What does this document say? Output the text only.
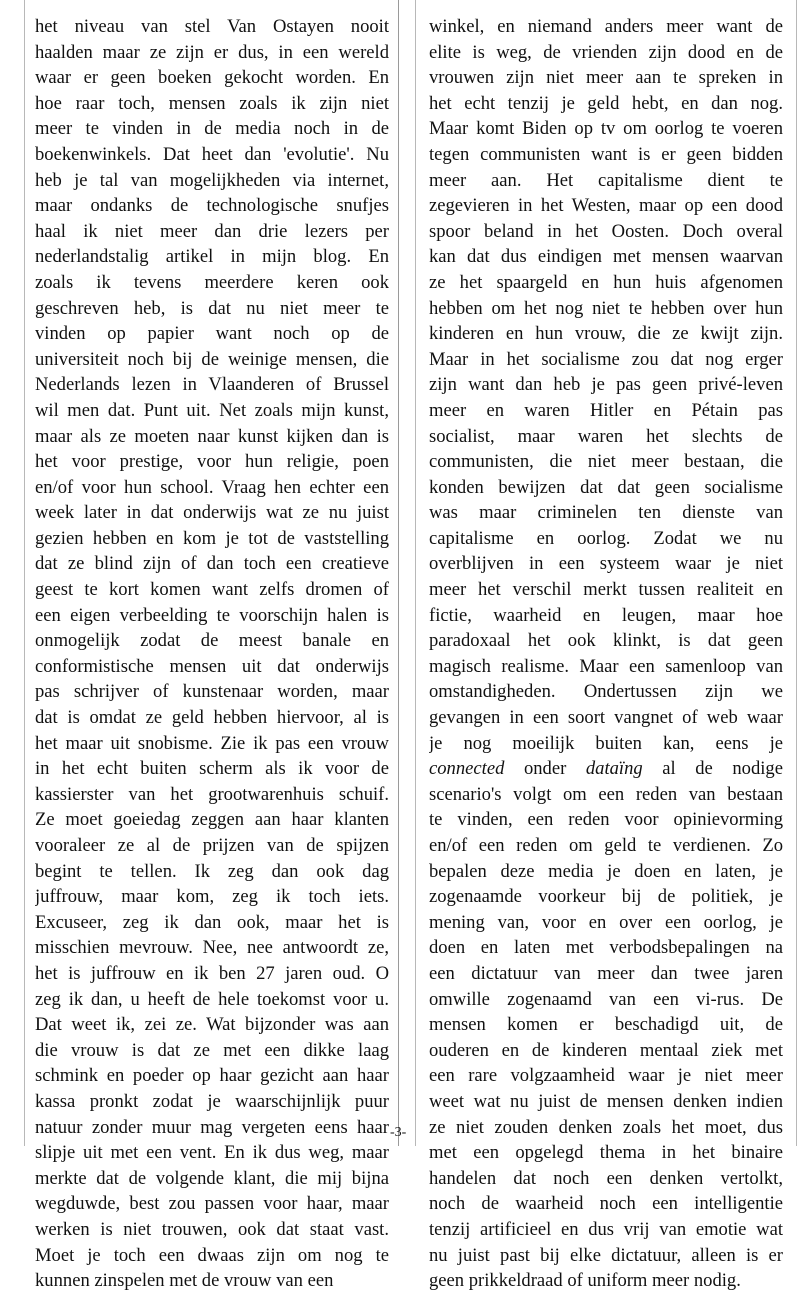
het niveau van stel Van Ostayen nooit
haalden maar ze zijn er dus, in een wereld
waar er geen boeken gekocht worden. En
hoe raar toch, mensen zoals ik zijn niet
meer te vinden in de media noch in de
boekenwinkels. Dat heet dan 'evolutie'. Nu
heb je tal van mogelijkheden via internet,
maar ondanks de technologische snufjes
haal ik niet meer dan drie lezers per
nederlandstalig artikel in mijn blog. En
zoals ik tevens meerdere keren ook
geschreven heb, is dat nu niet meer te
vinden op papier want noch op de
universiteit noch bij de weinige mensen, die
Nederlands lezen in Vlaanderen of Brussel
wil men dat. Punt uit. Net zoals mijn kunst,
maar als ze moeten naar kunst kijken dan is
het voor prestige, voor hun religie, poen
en/of voor hun school. Vraag hen echter een
week later in dat onderwijs wat ze nu juist
gezien hebben en kom je tot de vaststelling
dat ze blind zijn of dan toch een creatieve
geest te kort komen want zelfs dromen of
een eigen verbeelding te voorschijn halen is
onmogelijk zodat de meest banale en
conformistische mensen uit dat onderwijs
pas schrijver of kunstenaar worden, maar
dat is omdat ze geld hebben hiervoor, al is
het maar uit snobisme. Zie ik pas een vrouw
in het echt buiten scherm als ik voor de
kassierster van het grootwarenhuis schuif.
Ze moet goeiedag zeggen aan haar klanten
vooraleer ze al de prijzen van de spijzen
begint te tellen. Ik zeg dan ook dag
juffrouw, maar kom, zeg ik toch iets.
Excuseer, zeg ik dan ook, maar het is
misschien mevrouw. Nee, nee antwoordt ze,
het is juffrouw en ik ben 27 jaren oud. O
zeg ik dan, u heeft de hele toekomst voor u.
Dat weet ik, zei ze. Wat bijzonder was aan
die vrouw is dat ze met een dikke laag
schmink en poeder op haar gezicht aan haar
kassa pronkt zodat je waarschijnlijk puur
natuur zonder muur mag vergeten eens haar
slipje uit met een vent. En ik dus weg, maar
merkte dat de volgende klant, die mij bijna
wegduwde, best zou passen voor haar, maar
werken is niet trouwen, ook dat staat vast.
Moet je toch een dwaas zijn om nog te
kunnen zinspelen met de vrouw van een
winkel, en niemand anders meer want de
elite is weg, de vrienden zijn dood en de
vrouwen zijn niet meer aan te spreken in
het echt tenzij je geld hebt, en dan nog.
Maar komt Biden op tv om oorlog te voeren
tegen communisten want is er geen bidden
meer aan. Het capitalisme dient te
zegevieren in het Westen, maar op een dood
spoor beland in het Oosten. Doch overal
kan dat dus eindigen met mensen waarvan
ze het spaargeld en hun huis afgenomen
hebben om het nog niet te hebben over hun
kinderen en hun vrouw, die ze kwijt zijn.
Maar in het socialisme zou dat nog erger
zijn want dan heb je pas geen privé-leven
meer en waren Hitler en Pétain pas
socialist, maar waren het slechts de
communisten, die niet meer bestaan, die
konden bewijzen dat dat geen socialisme
was maar criminelen ten dienste van
capitalisme en oorlog. Zodat we nu
overblijven in een systeem waar je niet
meer het verschil merkt tussen realiteit en
fictie, waarheid en leugen, maar hoe
paradoxaal het ook klinkt, is dat geen
magisch realisme. Maar een samenloop van
omstandigheden. Ondertussen zijn we
gevangen in een soort vangnet of web waar
je nog moeilijk buiten kan, eens je
connected onder dataïng al de nodige
scenario's volgt om een reden van bestaan
te vinden, een reden voor opinievorming
en/of een reden om geld te verdienen. Zo
bepalen deze media je doen en laten, je
zogenaamde voorkeur bij de politiek, je
mening van, voor en over een oorlog, je
doen en laten met verbodsbepalingen na
een dictatuur van meer dan twee jaren
omwille zogenaamd van een vi-rus. De
mensen komen er beschadigd uit, de
ouderen en de kinderen mentaal ziek met
een rare volgzaamheid waar je niet meer
weet wat nu juist de mensen denken indien
ze niet zouden denken zoals het moet, dus
met een opgelegd thema in het binaire
handelen dat noch een denken vertolkt,
noch de waarheid noch een intelligentie
tenzij artificieel en dus vrij van emotie wat
nu juist past bij elke dictatuur, alleen is er
geen prikkeldraad of uniform meer nodig.
-3-
